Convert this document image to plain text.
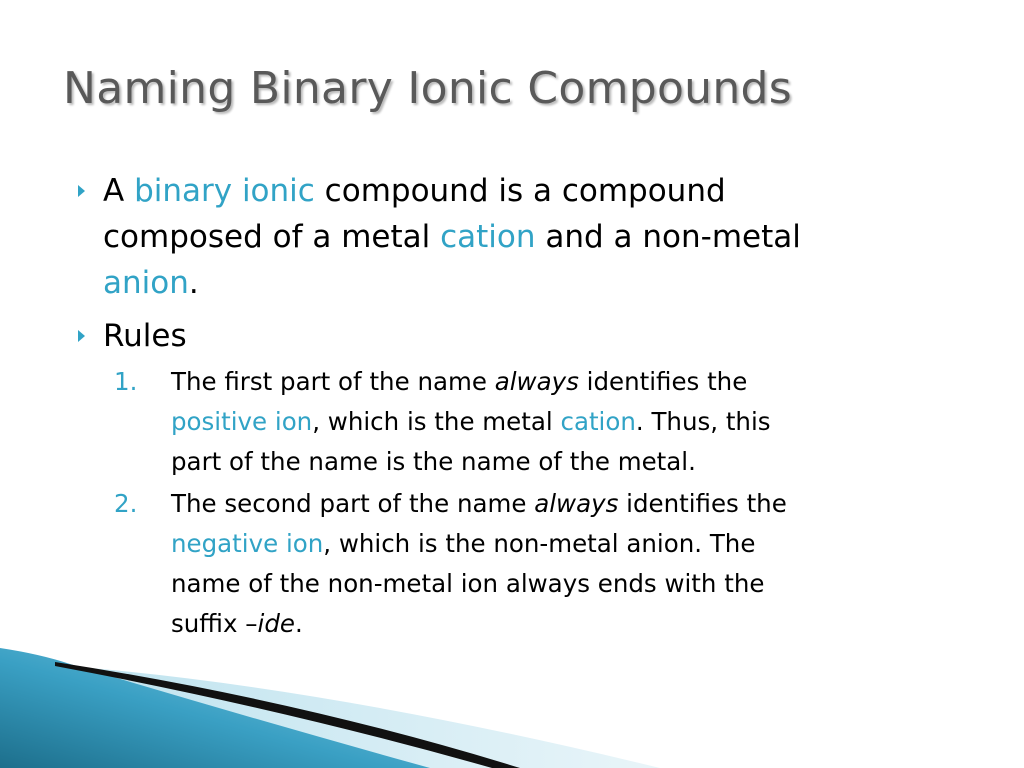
Naming Binary Ionic Compounds
A binary ionic compound is a compound
composed of a metal cation and a non-metal
anion.
Rules
1. The first part of the name always identifies the
positive ion, which is the metal cation. Thus, this
part of the name is the name of the metal.
2. The second part of the name always identifies the
negative ion, which is the non-metal anion. The
name of the non-metal ion always ends with the
suffix –ide.
